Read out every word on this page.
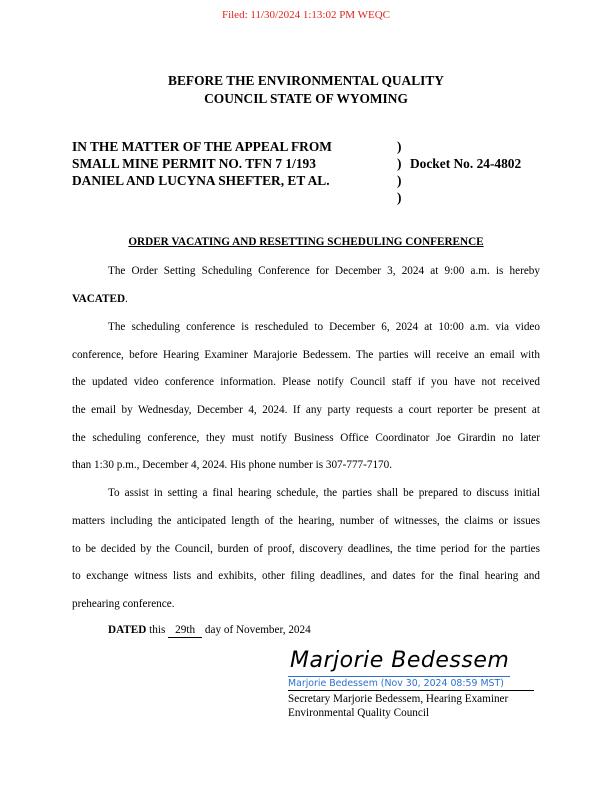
Filed: 11/30/2024 1:13:02 PM WEQC
BEFORE THE ENVIRONMENTAL QUALITY
COUNCIL STATE OF WYOMING
IN THE MATTER OF THE APPEAL FROM
SMALL MINE PERMIT NO. TFN 7 1/193
DANIEL AND LUCYNA SHEFTER, ET AL.
)
)
)
)
Docket No. 24-4802
ORDER VACATING AND RESETTING SCHEDULING CONFERENCE
The Order Setting Scheduling Conference for December 3, 2024 at 9:00 a.m. is hereby
VACATED.
The scheduling conference is rescheduled to December 6, 2024 at 10:00 a.m. via video
conference, before Hearing Examiner Marajorie Bedessem. The parties will receive an email with
the updated video conference information. Please notify Council staff if you have not received
the email by Wednesday, December 4, 2024. If any party requests a court reporter be present at
the scheduling conference, they must notify Business Office Coordinator Joe Girardin no later
than 1:30 p.m., December 4, 2024. His phone number is 307-777-7170.
To assist in setting a final hearing schedule, the parties shall be prepared to discuss initial
matters including the anticipated length of the hearing, number of witnesses, the claims or issues
to be decided by the Council, burden of proof, discovery deadlines, the time period for the parties
to exchange witness lists and exhibits, other filing deadlines, and dates for the final hearing and
prehearing conference.
DATED this 29th day of November, 2024
Marjorie Bedessem
Marjorie Bedessem (Nov 30, 2024 08:59 MST)
Secretary Marjorie Bedessem, Hearing Examiner
Environmental Quality Council
